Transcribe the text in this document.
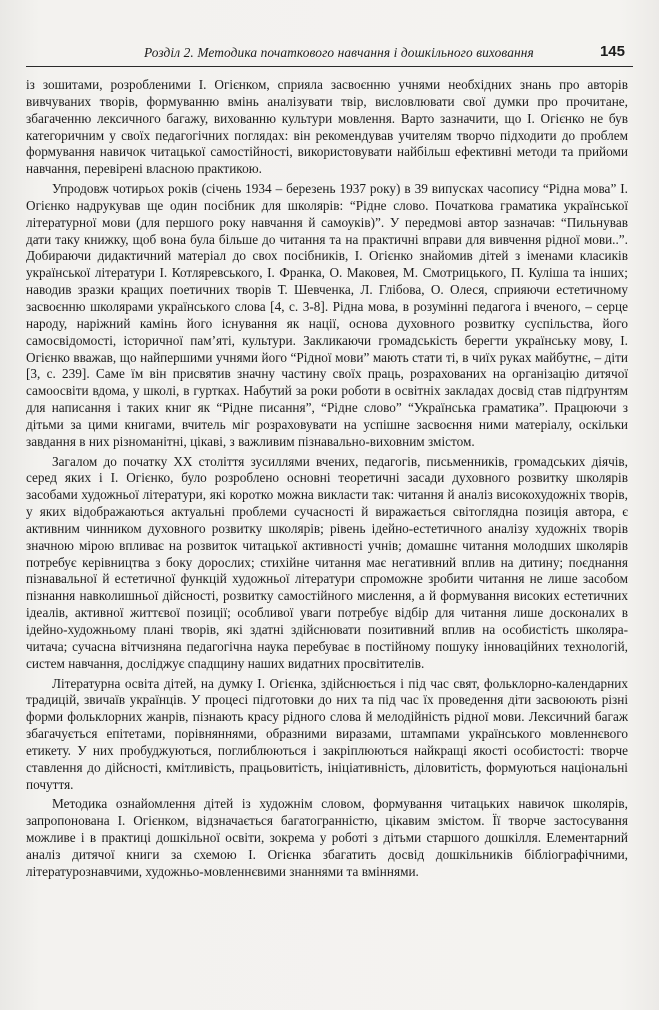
Розділ 2. Методика початкового навчання і дошкільного виховання	145

із зошитами, розробленими І. Огієнком, сприяла засвоєнню учнями необхідних знань про авторів вивчуваних творів, формуванню вмінь аналізувати твір, висловлювати свої думки про прочитане, збагаченню лексичного багажу, вихованню культури мовлення. Варто зазначити, що І. Огієнко не був категоричним у своїх педагогічних поглядах: він рекомендував учителям творчо підходити до проблем формування навичок читацької самостійності, використовувати найбільш ефективні методи та прийоми навчання, перевірені власною практикою.

Упродовж чотирьох років (січень 1934 – березень 1937 року) в 39 випусках часопису “Рідна мова” І. Огієнко надрукував ще один посібник для школярів: “Рідне слово. Початкова граматика української літературної мови (для першого року навчання й самоуків)”. У передмові автор зазначав: “Пильнував дати таку книжку, щоб вона була більше до читання та на практичні вправи для вивчення рідної мови..”. Добираючи дидактичний матеріал до свох посібників, І. Огієнко знайомив дітей з іменами класиків української літератури І. Котляревського, І. Франка, О. Маковея, М. Смотрицького, П. Куліша та інших; наводив зразки кращих поетичних творів Т. Шевченка, Л. Глібова, О. Олеся, сприяючи естетичному засвоєнню школярами українського слова [4, с. 3-8]. Рідна мова, в розумінні педагога і вченого, – серце народу, наріжний камінь його існування як нації, основа духовного розвитку суспільства, його самосвідомості, історичної пам’яті, культури. Закликаючи громадськість берегти українську мову, І. Огієнко вважав, що найпершими учнями його “Рідної мови” мають стати ті, в чиїх руках майбутнє, – діти [3, с. 239]. Саме їм він присвятив значну частину своїх праць, розрахованих на організацію дитячої самоосвіти вдома, у школі, в гуртках. Набутий за роки роботи в освітніх закладах досвід став підґрунтям для написання і таких книг як “Рідне писання”, “Рідне слово” “Українська граматика”. Працюючи з дітьми за цими книгами, вчитель міг розраховувати на успішне засвоєння ними матеріалу, оскільки завдання в них різноманітні, цікаві, з важливим пізнавально-виховним змістом.

Загалом до початку ХХ століття зусиллями вчених, педагогів, письменників, громадських діячів, серед яких і І. Огієнко, було розроблено основні теоретичні засади духовного розвитку школярів засобами художньої літератури, які коротко можна викласти так: читання й аналіз високохудожніх творів, у яких відображаються актуальні проблеми сучасності й виражається світоглядна позиція автора, є активним чинником духовного розвитку школярів; рівень ідейно-естетичного аналізу художніх творів значною мірою впливає на розвиток читацької активності учнів; домашнє читання молодших школярів потребує керівництва з боку дорослих; стихійне читання має негативний вплив на дитину; поєднання пізнавальної й естетичної функцій художньої літератури спроможне зробити читання не лише засобом пізнання навколишньої дійсності, розвитку самостійного мислення, а й формування високих естетичних ідеалів, активної життєвої позиції; особливої уваги потребує відбір для читання лише досконалих в ідейно-художньому плані творів, які здатні здійснювати позитивний вплив на особистість школяра-читача; сучасна вітчизняна педагогічна наука перебуває в постійному пошуку інноваційних технологій, систем навчання, досліджує спадщину наших видатних просвітителів.

Літературна освіта дітей, на думку І. Огієнка, здійснюється і під час свят, фольклорно-календарних традицій, звичаїв українців. У процесі підготовки до них та під час їх проведення діти засвоюють різні форми фольклорних жанрів, пізнають красу рідного слова й мелодійність рідної мови. Лексичний багаж збагачується епітетами, порівняннями, образними виразами, штампами українського мовленнєвого етикету. У них пробуджуються, поглиблюються і закріплюються найкращі якості особистості: творче ставлення до дійсності, кмітливість, працьовитість, ініціативність, діловитість, формуються національні почуття.

Методика ознайомлення дітей із художнім словом, формування читацьких навичок школярів, запропонована І. Огієнком, відзначається багатогранністю, цікавим змістом. Її творче застосування можливе і в практиці дошкільної освіти, зокрема у роботі з дітьми старшого дошкілля. Елементарний аналіз дитячої книги за схемою І. Огієнка збагатить досвід дошкільників бібліографічними, літературознавчими, художньо-мовленнєвими знаннями та вміннями.
